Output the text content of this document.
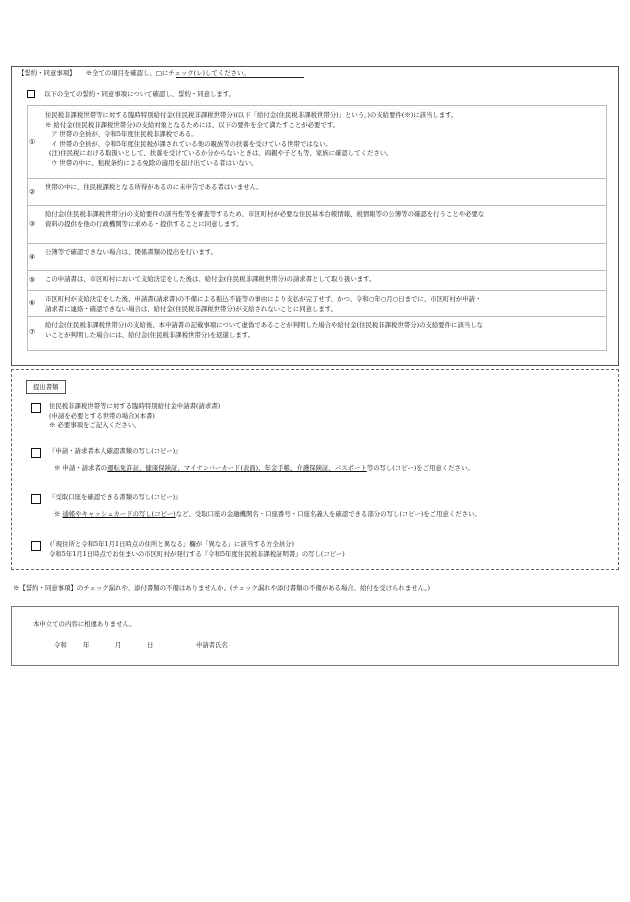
【誓約・同意事項】 ※全ての項目を確認し、□にチェック(レ)してください。
以下の全ての誓約・同意事項について確認し、誓約・同意します。
①
住民税非課税世帯等に対する臨時特別給付金(住民税非課税世帯分)(以下「給付金(住民税非課税世帯分)」という。)の支給要件(※)に該当します。
※ 給付金(住民税非課税世帯分)の支給対象となるためには、以下の要件を全て満たすことが必要です。
ア 世帯の全員が、令和5年度住民税非課税である。
イ 世帯の全員が、令和5年度住民税が課されている他の親族等の扶養を受けている世帯ではない。
(注)住民税における取扱いとして、扶養を受けているか分からないときは、両親や子ども等、家族に確認してください。
ウ 世帯の中に、租税条約による免除の適用を届け出ている者はいない。
②
世帯の中に、住民税課税となる所得があるのに未申告である者はいません。
③
給付金(住民税非課税世帯分)の支給要件の該当性等を審査等するため、市区町村が必要な住民基本台帳情報、税情報等の公簿等の確認を行うことや必要な
資料の提供を他の行政機関等に求める・提供することに同意します。
④
公簿等で確認できない場合は、関係書類の提出を行います。
⑤ この申請書は、市区町村において支給決定をした後は、給付金(住民税非課税世帯分)の請求書として取り扱います。
⑥ 市区町村が支給決定をした後、申請書(請求書)の不備による振込不能等の事由により支払が完了せず、かつ、令和○年○月○日までに、市区町村が申請・
請求者に連絡・確認できない場合は、給付金(住民税非課税世帯分)が支給されないことに同意します。
⑦
給付金(住民税非課税世帯分)の支給後、本申請書の記載事項について虚偽であることが判明した場合や給付金(住民税非課税世帯分)の支給要件に該当しな
いことが判明した場合には、給付金(住民税非課税世帯分)を返還します。
提出書類
住民税非課税世帯等に対する臨時特別給付金申請書(請求書)
(申請を必要とする世帯の場合)(本書)
※ 必要事項をご記入ください。
『申請・請求者本人確認書類の写し(コピー)』
※ 申請・請求者の運転免許証、健康保険証、マイナンバーカード(表面)、年金手帳、介護保険証、パスポート等の写し(コピー)をご用意ください。
『受取口座を確認できる書類の写し(コピー)』
※ 通帳やキャッシュカードの写し(コピー)など、受取口座の金融機関名・口座番号・口座名義人を確認できる部分の写し(コピー)をご用意ください。
(「現住所と令和5年1月1日時点の住所と異なる」欄が「異なる」に該当する方全員分)
令和5年1月1日時点でお住まいの市区町村が発行する『令和5年度住民税非課税証明書』の写し(コピー)
※【誓約・同意事項】のチェック漏れや、添付書類の不備はありませんか。(チェック漏れや添付書類の不備がある場合、給付を受けられません。)
本申立ての内容に相違ありません。
令和	年	月	日	申請者氏名
